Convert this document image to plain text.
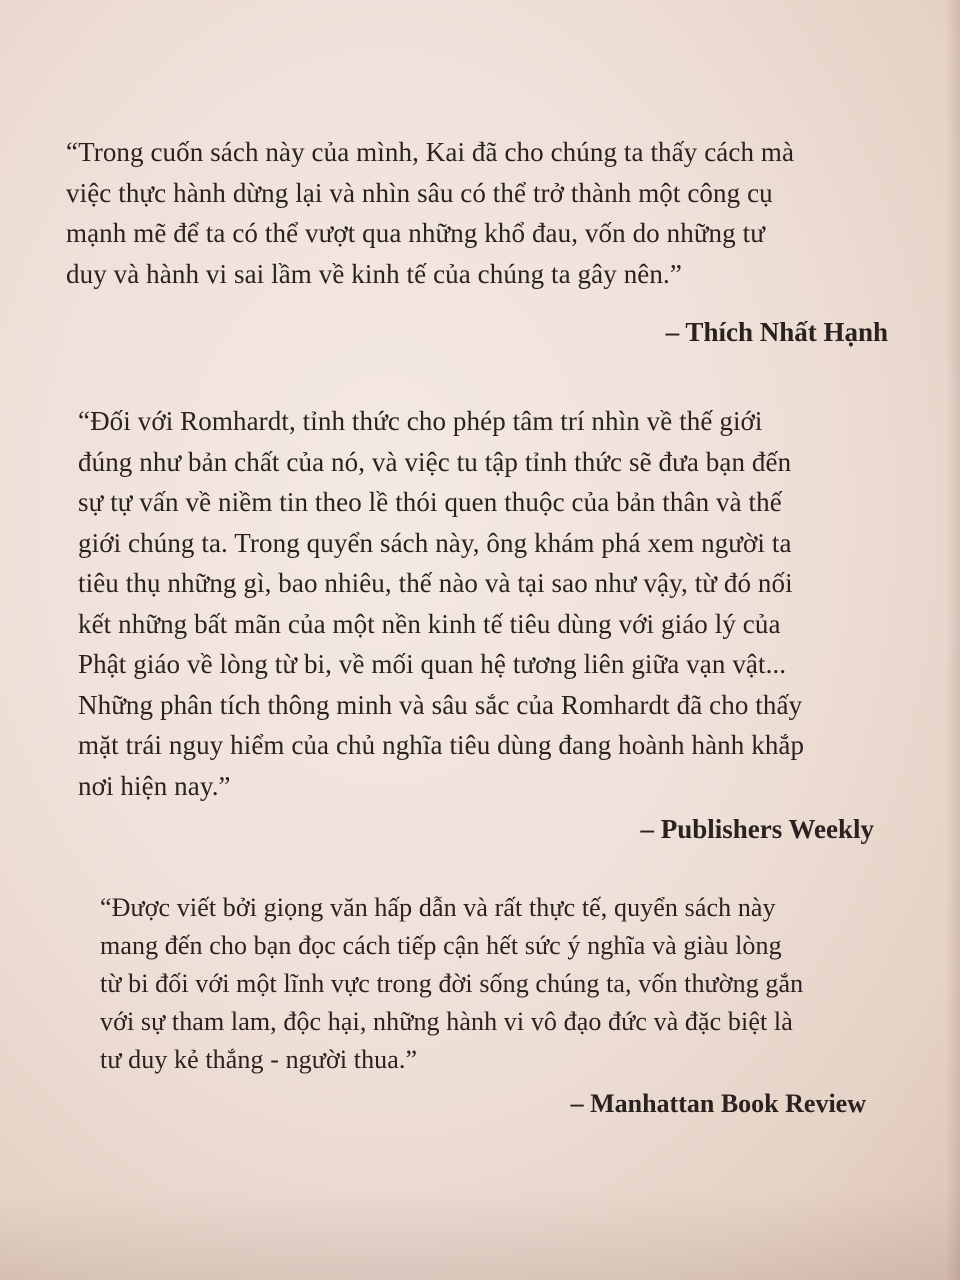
“Trong cuốn sách này của mình, Kai đã cho chúng ta thấy cách mà
việc thực hành dừng lại và nhìn sâu có thể trở thành một công cụ
mạnh mẽ để ta có thể vượt qua những khổ đau, vốn do những tư
duy và hành vi sai lầm về kinh tế của chúng ta gây nên.”
– Thích Nhất Hạnh
“Đối với Romhardt, tỉnh thức cho phép tâm trí nhìn về thế giới
đúng như bản chất của nó, và việc tu tập tỉnh thức sẽ đưa bạn đến
sự tự vấn về niềm tin theo lề thói quen thuộc của bản thân và thế
giới chúng ta. Trong quyển sách này, ông khám phá xem người ta
tiêu thụ những gì, bao nhiêu, thế nào và tại sao như vậy, từ đó nối
kết những bất mãn của một nền kinh tế tiêu dùng với giáo lý của
Phật giáo về lòng từ bi, về mối quan hệ tương liên giữa vạn vật...
Những phân tích thông minh và sâu sắc của Romhardt đã cho thấy
mặt trái nguy hiểm của chủ nghĩa tiêu dùng đang hoành hành khắp
nơi hiện nay.”
– Publishers Weekly
“Được viết bởi giọng văn hấp dẫn và rất thực tế, quyển sách này
mang đến cho bạn đọc cách tiếp cận hết sức ý nghĩa và giàu lòng
từ bi đối với một lĩnh vực trong đời sống chúng ta, vốn thường gắn
với sự tham lam, độc hại, những hành vi vô đạo đức và đặc biệt là
tư duy kẻ thắng - người thua.”
– Manhattan Book Review
